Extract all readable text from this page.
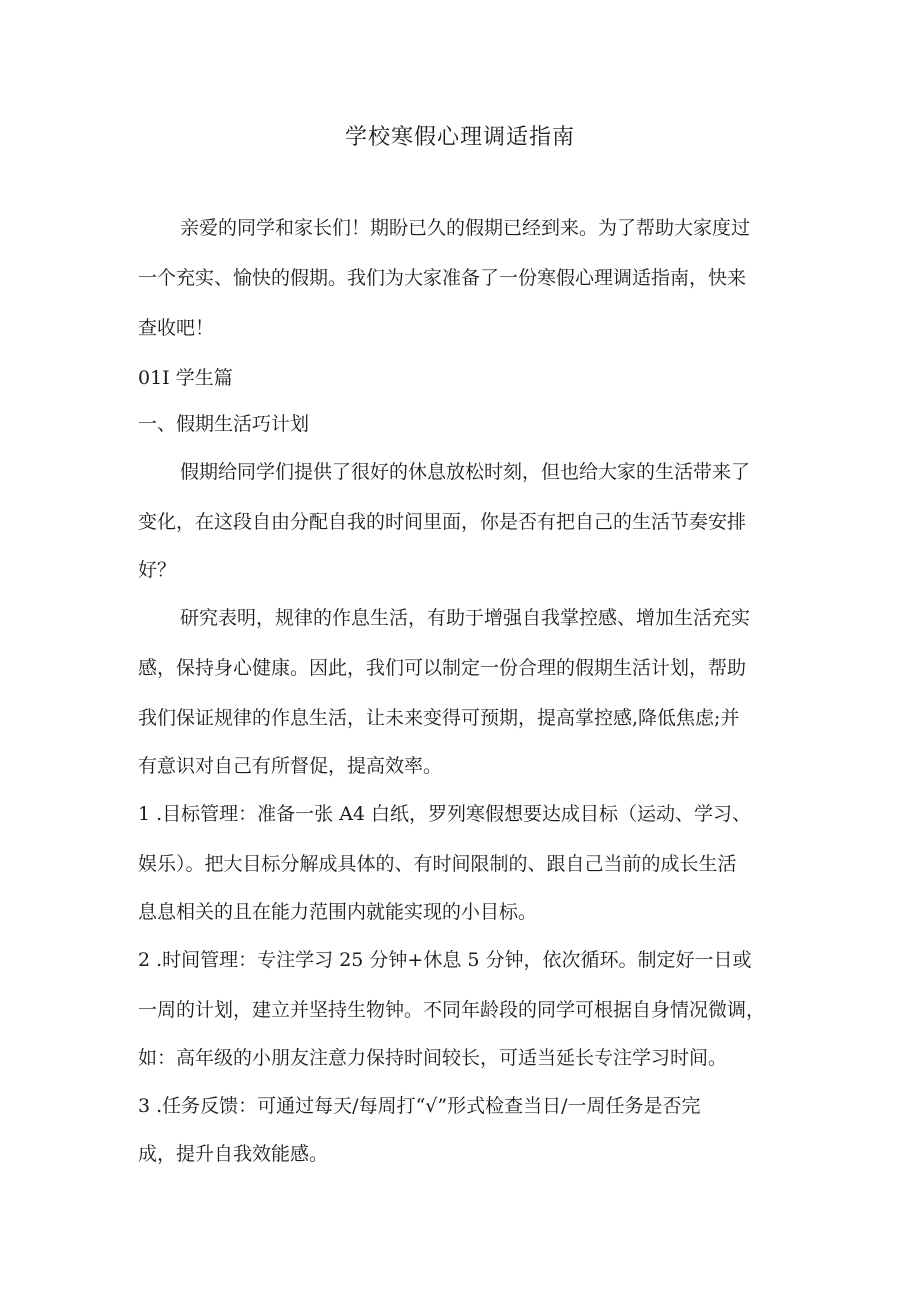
学校寒假心理调适指南

亲爱的同学和家长们！期盼已久的假期已经到来。为了帮助大家度过

一个充实、愉快的假期。我们为大家准备了一份寒假心理调适指南，快来

查收吧！

01I 学生篇

一、假期生活巧计划

假期给同学们提供了很好的休息放松时刻，但也给大家的生活带来了

变化，在这段自由分配自我的时间里面，你是否有把自己的生活节奏安排

好？

研究表明，规律的作息生活，有助于增强自我掌控感、增加生活充实

感，保持身心健康。因此，我们可以制定一份合理的假期生活计划，帮助

我们保证规律的作息生活，让未来变得可预期，提高掌控感,降低焦虑;并

有意识对自己有所督促，提高效率。

1 .目标管理：准备一张 A4 白纸，罗列寒假想要达成目标（运动、学习、

娱乐）。把大目标分解成具体的、有时间限制的、跟自己当前的成长生活

息息相关的且在能力范围内就能实现的小目标。

2 .时间管理：专注学习 25 分钟+休息 5 分钟，依次循环。制定好一日或

一周的计划，建立并坚持生物钟。不同年龄段的同学可根据自身情况微调，

如：高年级的小朋友注意力保持时间较长，可适当延长专注学习时间。

3 .任务反馈：可通过每天/每周打“√”形式检查当日/一周任务是否完

成，提升自我效能感。
